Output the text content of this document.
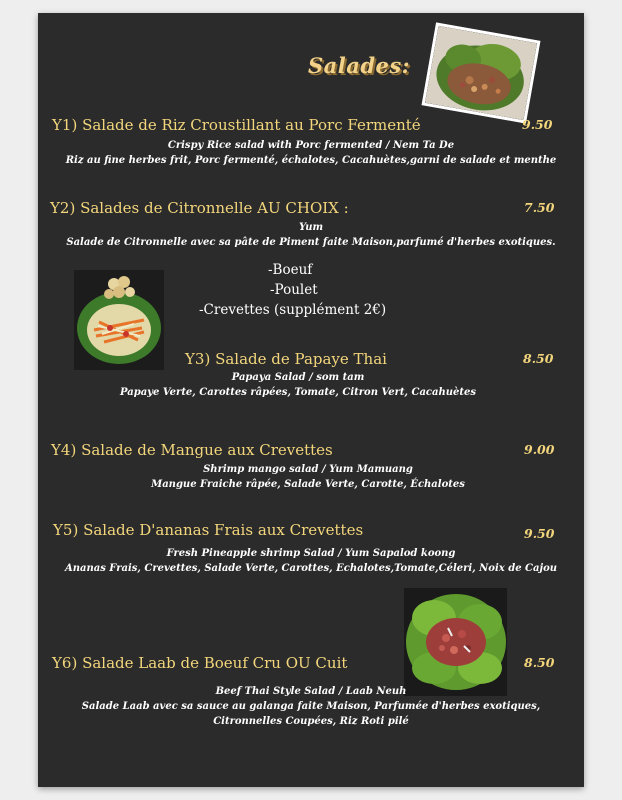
Salades:
Y1) Salade de Riz Croustillant au Porc Fermenté	9.50
Crispy Rice salad with Porc fermented / Nem Ta De
Riz au fine herbes frit, Porc fermenté, échalotes, Cacahuètes,garni de salade et menthe
Y2) Salades de Citronnelle AU CHOIX :	7.50
Yum
Salade de Citronnelle avec sa pâte de Piment faite Maison,parfumé d'herbes exotiques.
-Boeuf
-Poulet
-Crevettes (supplément 2€)
Y3) Salade de Papaye Thai	8.50
Papaya Salad / som tam
Papaye Verte, Carottes râpées, Tomate, Citron Vert, Cacahuètes
Y4) Salade de Mangue aux Crevettes	9.00
Shrimp mango salad / Yum Mamuang
Mangue Fraiche râpée, Salade Verte, Carotte, Échalotes
Y5) Salade D'ananas Frais aux Crevettes	9.50
Fresh Pineapple shrimp Salad / Yum Sapalod koong
Ananas Frais, Crevettes, Salade Verte, Carottes, Echalotes,Tomate,Céleri, Noix de Cajou
Y6) Salade Laab de Boeuf Cru OU Cuit	8.50
Beef Thai Style Salad / Laab Neuh
Salade Laab avec sa sauce au galanga faite Maison, Parfumée d'herbes exotiques,
Citronnelles Coupées, Riz Roti pilé
